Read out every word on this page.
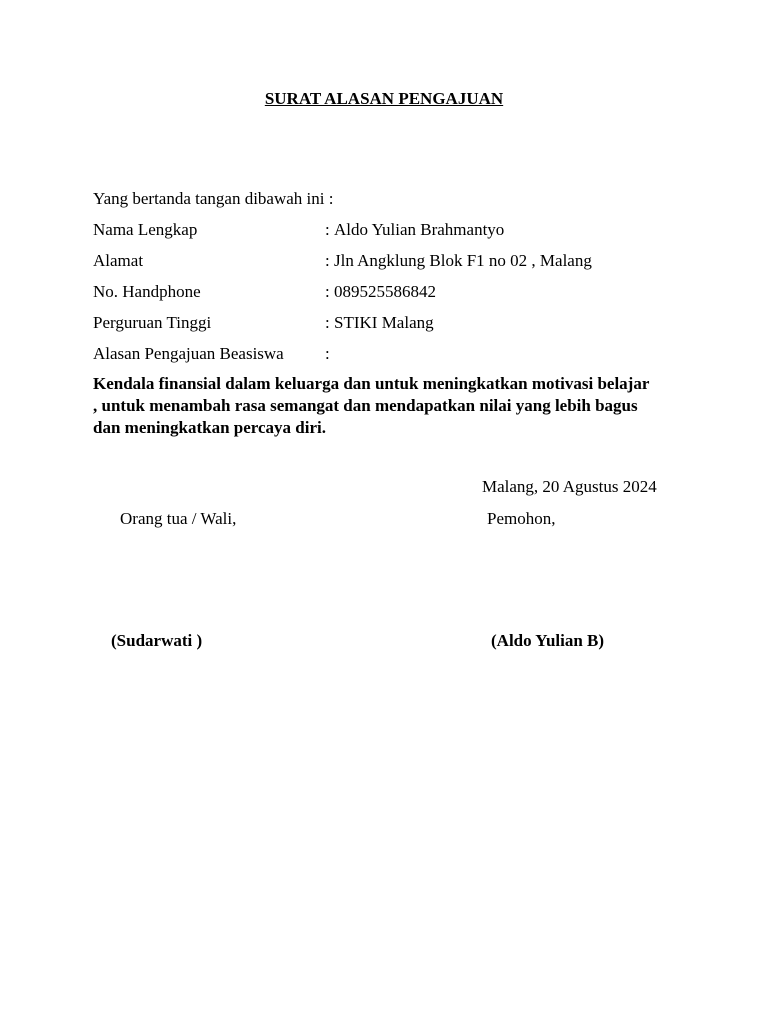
SURAT ALASAN PENGAJUAN
Yang bertanda tangan dibawah ini :
Nama Lengkap	: Aldo Yulian Brahmantyo
Alamat	: Jln Angklung Blok F1 no 02 , Malang
No. Handphone	: 089525586842
Perguruan Tinggi	: STIKI Malang
Alasan Pengajuan Beasiswa :
Kendala finansial dalam keluarga dan untuk meningkatkan motivasi belajar , untuk menambah rasa semangat dan mendapatkan nilai yang lebih bagus dan meningkatkan percaya diri.
Malang, 20 Agustus 2024
Orang tua / Wali,	Pemohon,
(Sudarwati )	(Aldo Yulian B)
